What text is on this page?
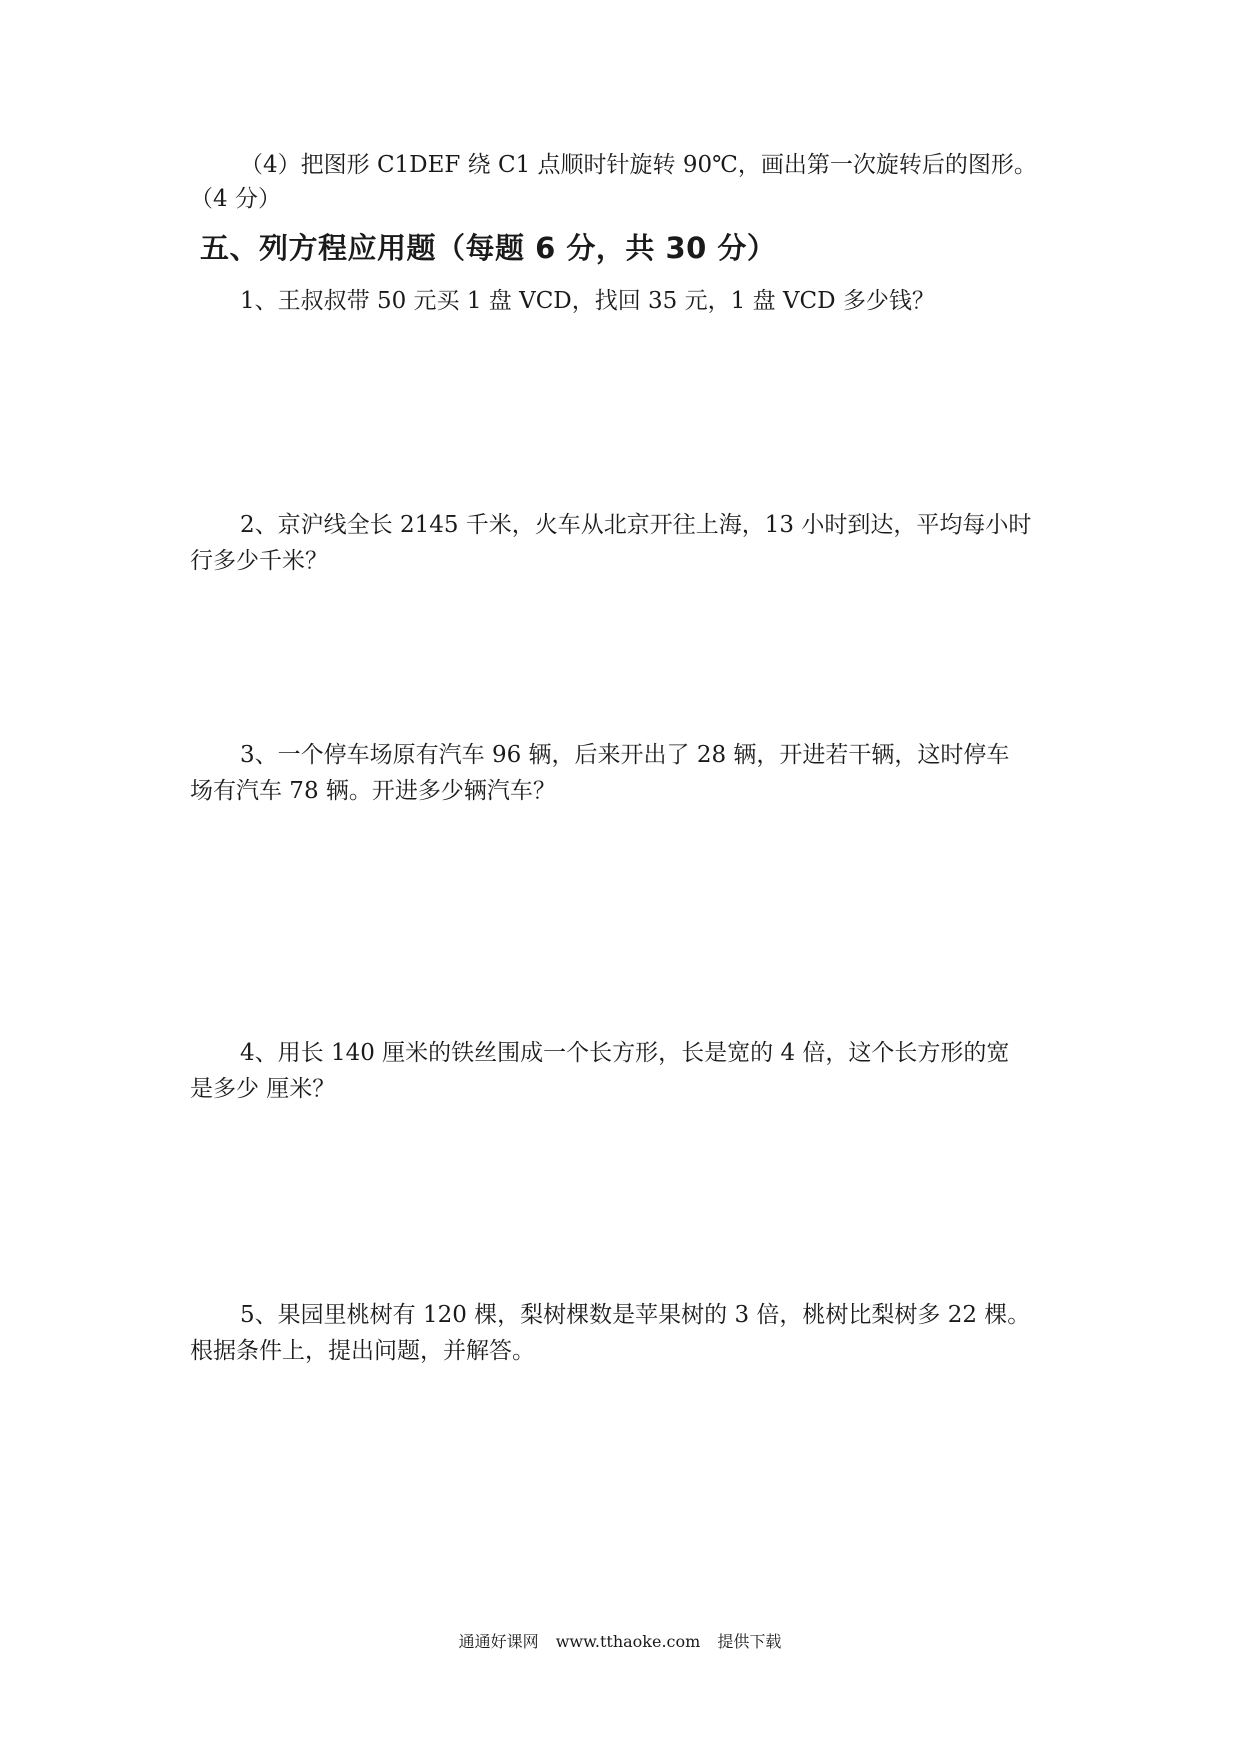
（4）把图形 C1DEF 绕 C1 点顺时针旋转 90℃，画出第一次旋转后的图形。
（4 分）
五、列方程应用题（每题 6 分，共 30 分）
1、王叔叔带 50 元买 1 盘 VCD，找回 35 元，1 盘 VCD 多少钱？
2、京沪线全长 2145 千米，火车从北京开往上海，13 小时到达，平均每小时
行多少千米？
3、一个停车场原有汽车 96 辆，后来开出了 28 辆，开进若干辆，这时停车
场有汽车 78 辆。开进多少辆汽车？
4、用长 140 厘米的铁丝围成一个长方形，长是宽的 4 倍，这个长方形的宽
是多少 厘米？
5、果园里桃树有 120 棵，梨树棵数是苹果树的 3 倍，桃树比梨树多 22 棵。
根据条件上，提出问题，并解答。
通通好课网 www.tthaoke.com 提供下载
